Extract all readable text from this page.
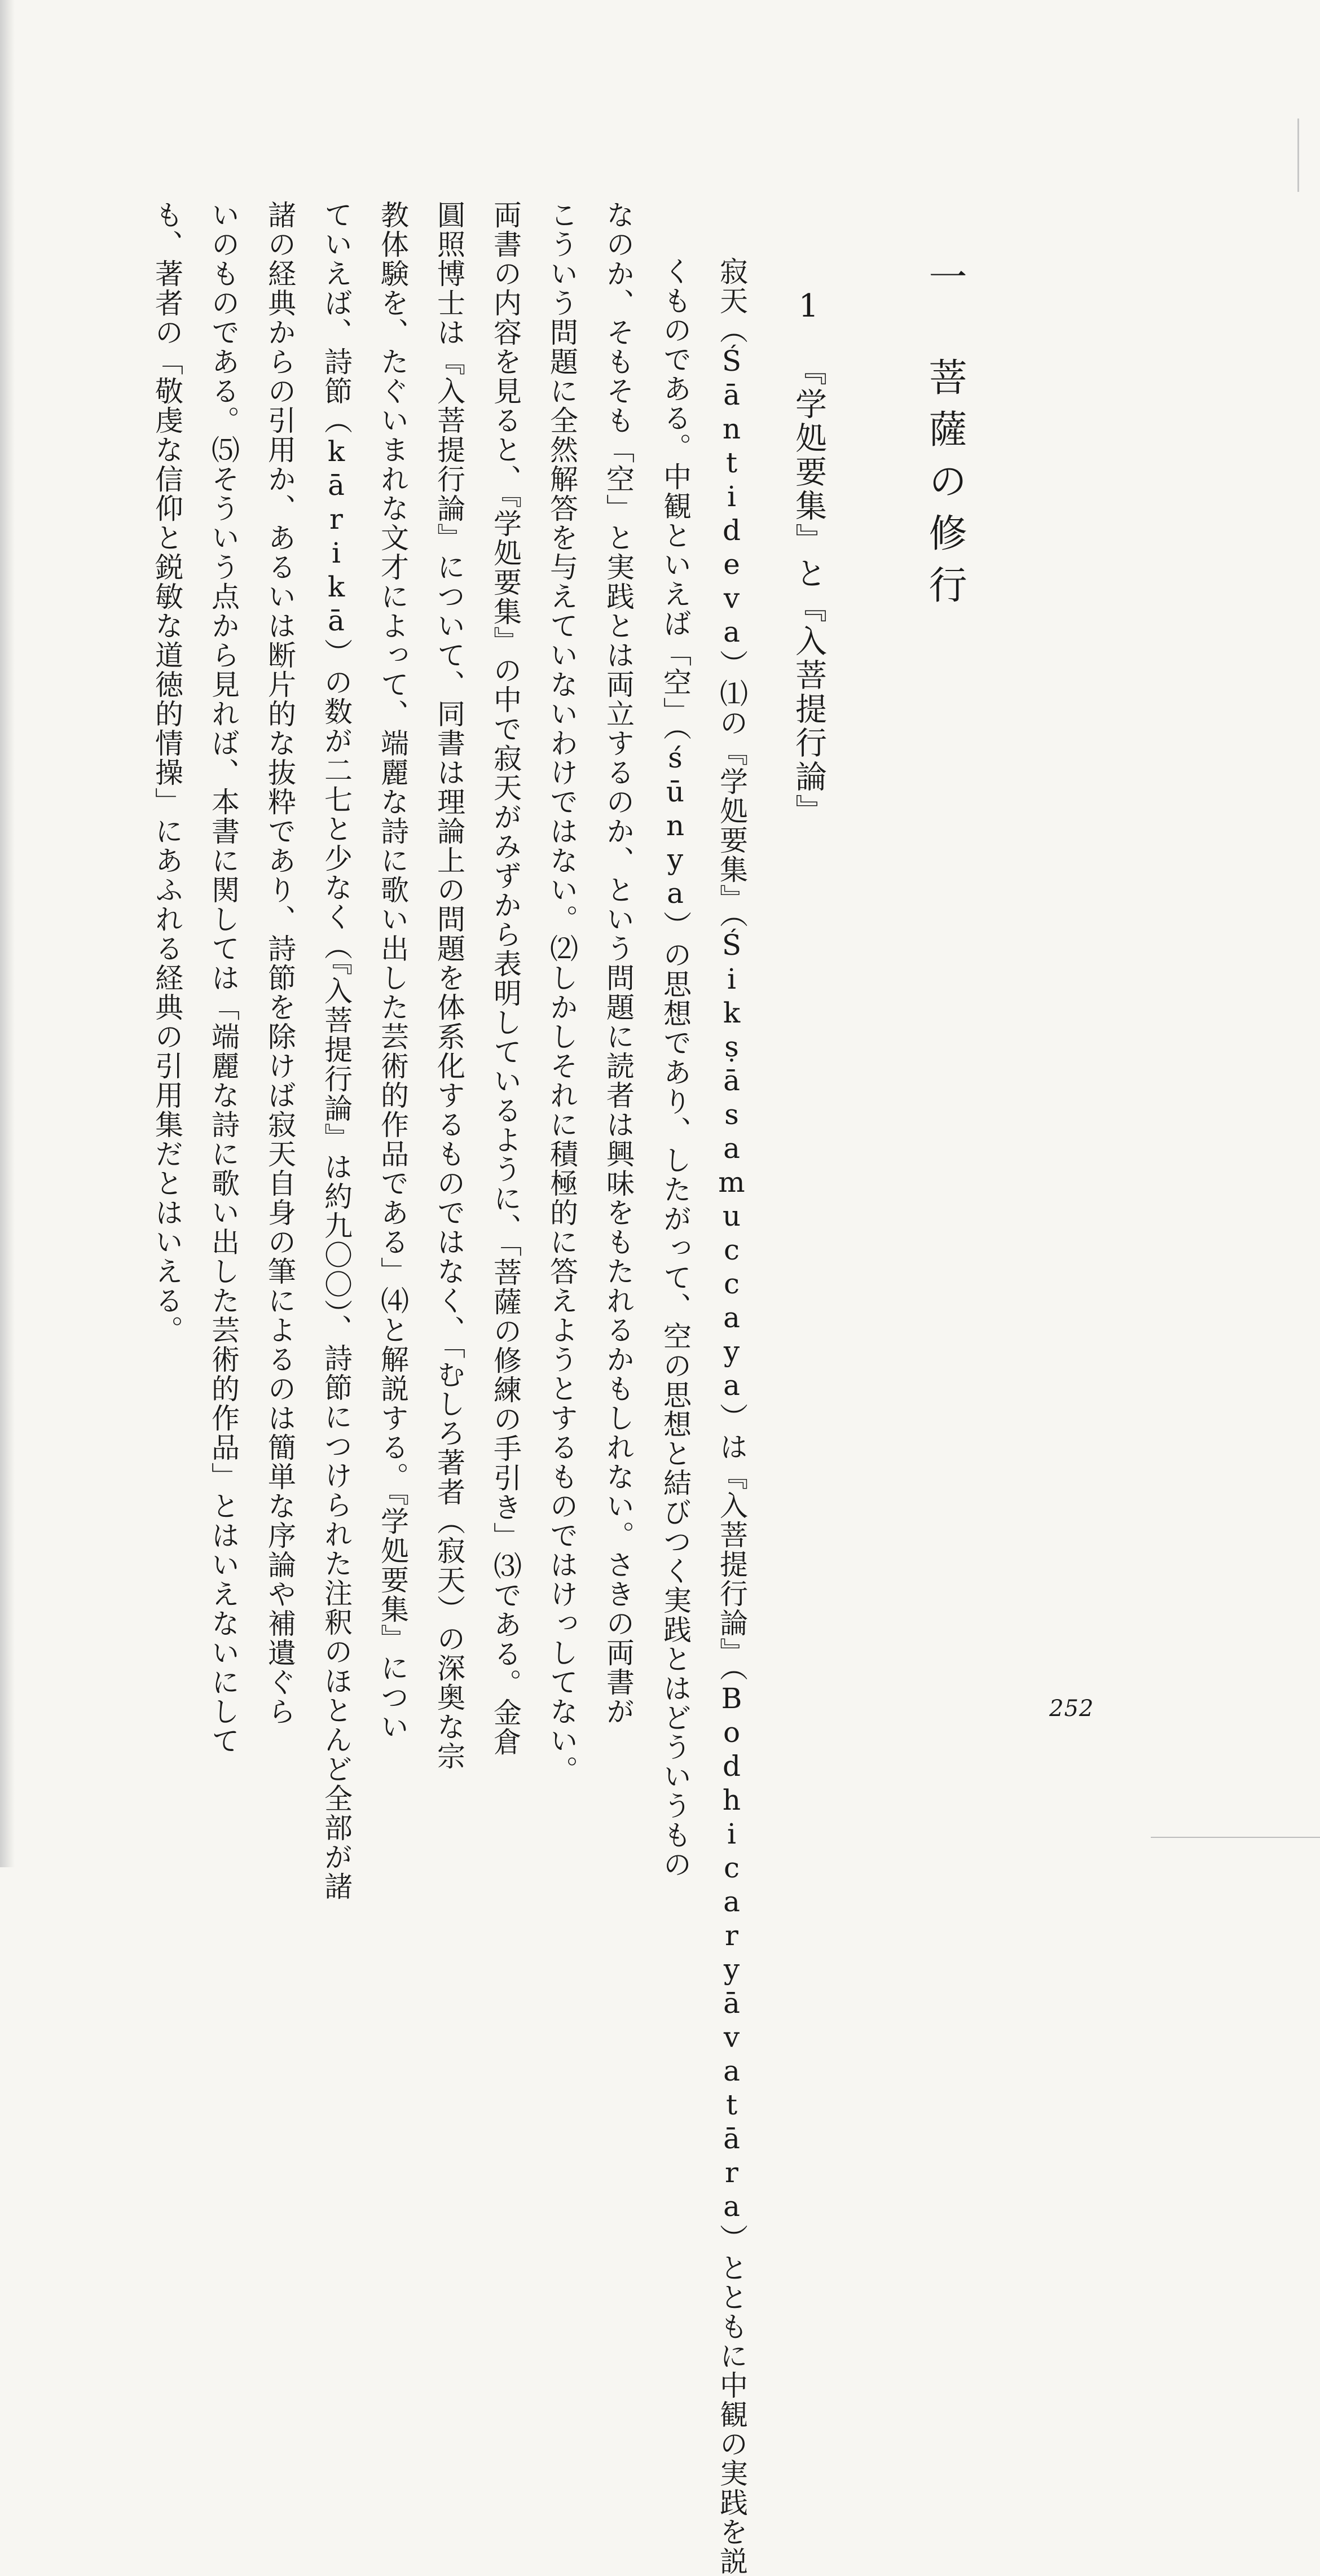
一菩薩の修行
1『学処要集』と『入菩提行論』
寂天（Śāntideva）⑴の『学処要集』（Śikṣāsamuccaya）は『入菩提行論』（Bodhicaryāvatāra）とともに中観の実践を説
くものである。中観といえば「空」（śūnya）の思想であり、したがって、空の思想と結びつく実践とはどういうもの
なのか、そもそも「空」と実践とは両立するのか、という問題に読者は興味をもたれるかもしれない。さきの両書が
こういう問題に全然解答を与えていないわけではない。⑵しかしそれに積極的に答えようとするものではけっしてない。
両書の内容を見ると、『学処要集』の中で寂天がみずから表明しているように、「菩薩の修練の手引き」⑶である。金倉
圓照博士は『入菩提行論』について、同書は理論上の問題を体系化するものではなく、「むしろ著者（寂天）の深奥な宗
教体験を、たぐいまれな文才によって、端麗な詩に歌い出した芸術的作品である」⑷と解説する。『学処要集』につい
ていえば、詩節（kārikā）の数が二七と少なく（『入菩提行論』は約九〇〇）、詩節につけられた注釈のほとんど全部が諸
諸の経典からの引用か、あるいは断片的な抜粋であり、詩節を除けば寂天自身の筆によるのは簡単な序論や補遺ぐら
いのものである。⑸そういう点から見れば、本書に関しては「端麗な詩に歌い出した芸術的作品」とはいえないにして
も、著者の「敬虔な信仰と鋭敏な道徳的情操」にあふれる経典の引用集だとはいえる。
252
